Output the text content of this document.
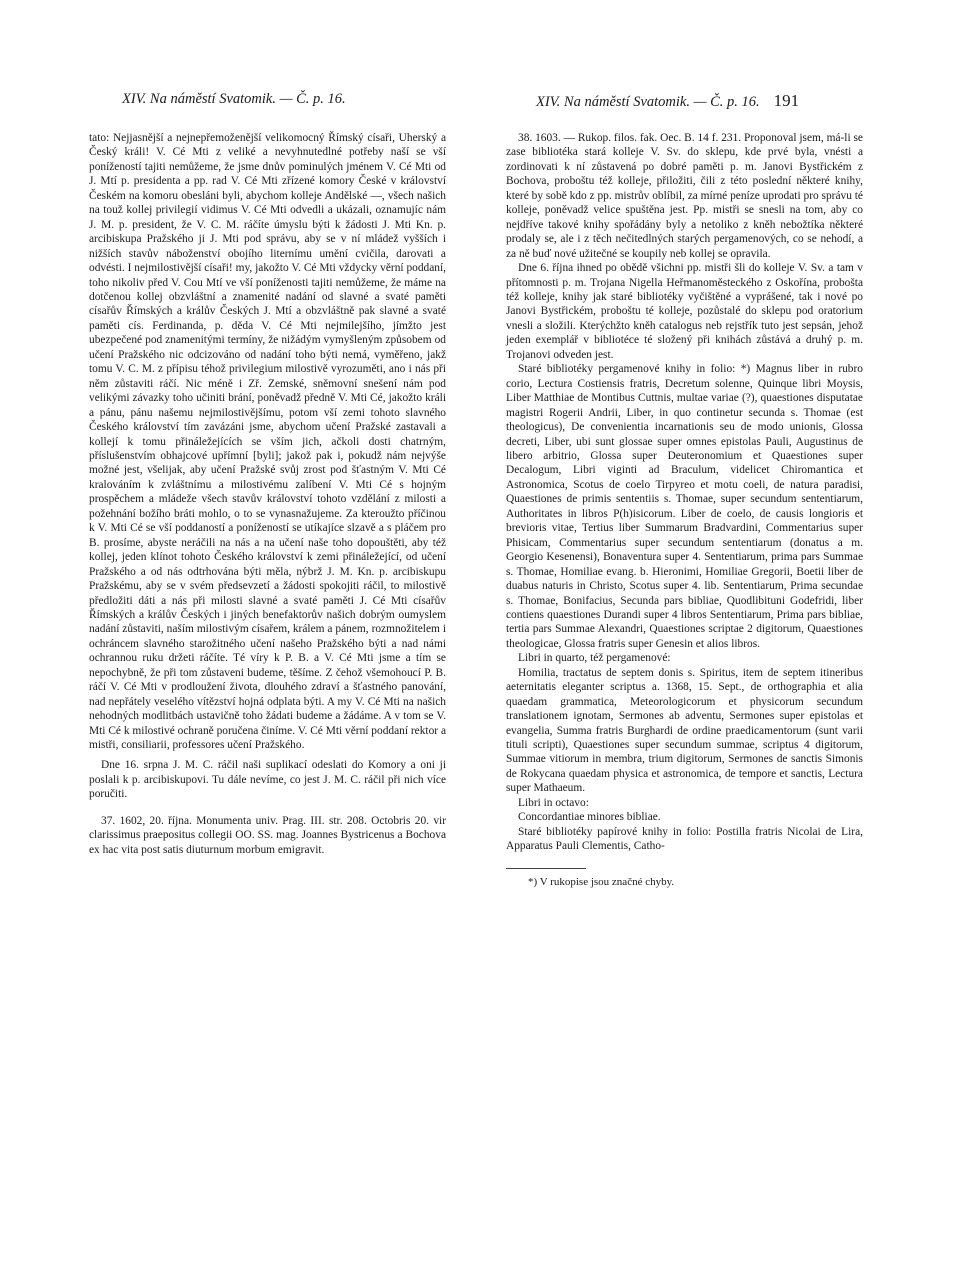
XIV. Na náměstí Svatomik. — Č. p. 16.	XIV. Na náměstí Svatomik. — Č. p. 16. 191

tato: Nejjasnější a nejnepřemoženější velikomocný Římský císaři, Uherský a Český králi! V. Cé Mti z veliké a nevyhnutedlné potřeby naší se vší ponížeností tajiti nemůžeme, že jsme dnův pominulých jménem V. Cé Mti od J. Mtí p. presidenta a pp. rad V. Cé Mti zřízené komory České v království Českém na komoru obesláni byli, abychom kolleje Andělské —, všech našich na touž kollej privilegií vidimus V. Cé Mti odvedli a ukázali, oznamujíc nám J. M. p. president, že V. C. M. ráčíte úmyslu býti k žádosti J. Mti Kn. p. arcibiskupa Pražského ji J. Mti pod správu, aby se v ní mládež vyšších i nižších stavův náboženství obojího liternímu umění cvičila, darovati a odvésti. I nejmilostivější císaři! my, jakožto V. Cé Mti vždycky věrní poddaní, toho nikoliv před V. Cou Mtí ve vší poníženosti tajiti nemůžeme, že máme na dotčenou kollej obzvláštní a znamenité nadání od slavné a svaté paměti císařův Římských a králův Českých J. Mtí a obzvláštně pak slavné a svaté paměti cís. Ferdinanda, p. děda V. Cé Mti nejmilejšího, jímžto jest ubezpečené pod znamenitými termíny, že nižádým vymyšleným způsobem od učení Pražského nic odcizováno od nadání toho býti nemá, vyměřeno, jakž tomu V. C. M. z přípisu téhož privilegium milostivě vyrozuměti, ano i nás při něm zůstaviti ráčí. Nic méně i Zř. Zemské, sněmovní snešení nám pod velikými závazky toho učiniti brání, poněvadž předně V. Mti Cé, jakožto králi a pánu, pánu našemu nejmilostivějšímu, potom vší zemi tohoto slavného Českého království tím zavázáni jsme, abychom učení Pražské zastavali a kollejí k tomu přináležejících se vším jich, ačkoli dosti chatrným, příslušenstvím obhajcové upřímní [byli]; jakož pak i, pokudž nám nejvýše možné jest, všelijak, aby učení Pražské svůj zrost pod šťastným V. Mti Cé kralováním k zvláštnímu a milostivému zalíbení V. Mti Cé s hojným prospěchem a mládeže všech stavův království tohoto vzdělání z milosti a požehnání božího bráti mohlo, o to se vynasnažujeme. Za kteroužto příčinou k V. Mti Cé se vší poddaností a ponížeností se utíkajíce slzavě a s pláčem pro B. prosíme, abyste neráčili na nás a na učení naše toho dopouštěti, aby též kollej, jeden klínot tohoto Českého království k zemi přináležející, od učení Pražského a od nás odtrhována býti měla, nýbrž J. M. Kn. p. arcibiskupu Pražskému, aby se v svém předsevzetí a žádosti spokojiti ráčil, to milostivě předložiti dáti a nás při milosti slavné a svaté paměti J. Cé Mti císařův Římských a králův Českých i jiných benefaktorův našich dobrým oumyslem nadání zůstaviti, naším milostivým císařem, králem a pánem, rozmnožitelem i ochráncem slavného starožitného učení našeho Pražského býti a nad námi ochrannou ruku držeti ráčíte. Té víry k P. B. a V. Cé Mti jsme a tím se nepochybně, že při tom zůstaveni budeme, těšíme. Z čehož všemohoucí P. B. ráčí V. Cé Mti v prodloužení života, dlouhého zdraví a šťastného panování, nad nepřátely veselého vítězství hojná odplata býti. A my V. Cé Mti na našich nehodných modlitbách ustavičně toho žádati budeme a žádáme. A v tom se V. Mti Cé k milostivé ochraně poručena činíme. V. Cé Mti věrní poddaní rektor a mistři, consiliarii, professores učení Pražského.

Dne 16. srpna J. M. C. ráčil naši suplikací odeslati do Komory a oni ji poslali k p. arcibiskupovi. Tu dále nevíme, co jest J. M. C. ráčil při nich více poručiti.

37. 1602, 20. října. Monumenta univ. Prag. III. str. 208. Octobris 20. vir clarissimus praepositus collegii OO. SS. mag. Joannes Bystricenus a Bochova ex hac vita post satis diuturnum morbum emigravit.

38. 1603. — Rukop. filos. fak. Oec. B. 14 f. 231. Proponoval jsem, má-li se zase bibliotéka stará kolleje V. Sv. do sklepu, kde prvé byla, vnésti a zordinovati k ní zůstavená po dobré paměti p. m. Janovi Bystřickém z Bochova, proboštu též kolleje, přiložiti, čili z této poslední některé knihy, které by sobě kdo z pp. mistrův oblíbil, za mírné peníze uprodati pro správu té kolleje, poněvadž velice spuštěna jest. Pp. mistři se snesli na tom, aby co nejdříve takové knihy spořádány byly a netoliko z kněh nebožtíka některé prodaly se, ale i z těch nečitedlných starých pergamenových, co se nehodí, a za ně buď nové užitečné se koupily neb kollej se opravila.

Dne 6. října ihned po obědě všichni pp. mistři šli do kolleje V. Sv. a tam v přítomnosti p. m. Trojana Nigella Heřmanoměsteckého z Oskořína, probošta též kolleje, knihy jak staré bibliotéky vyčištěné a vyprášené, tak i nové po Janovi Bystřickém, proboštu té kolleje, pozůstalé do sklepu pod oratorium vnesli a složili. Kterýchžto kněh catalogus neb rejstřík tuto jest sepsán, jehož jeden exemplář v bibliotéce té složený při knihách zůstává a druhý p. m. Trojanovi odveden jest.

Staré bibliotéky pergamenové knihy in folio: *) Magnus liber in rubro corio, Lectura Costiensis fratris, Decretum solenne, Quinque libri Moysis, Liber Matthiae de Montibus Cuttnis, multae variae (?), quaestiones disputatae magistri Rogerii Andrii, Liber, in quo continetur secunda s. Thomae (est theologicus), De convenientia incarnationis seu de modo unionis, Glossa decreti, Liber, ubi sunt glossae super omnes epistolas Pauli, Augustinus de libero arbitrio, Glossa super Deuteronomium et Quaestiones super Decalogum, Libri viginti ad Braculum, videlicet Chiromantica et Astronomica, Scotus de coelo Tirpyreo et motu coeli, de natura paradisi, Quaestiones de primis sententiis s. Thomae, super secundum sententiarum, Authoritates in libros P(h)isicorum. Liber de coelo, de causis longioris et brevioris vitae, Tertius liber Summarum Bradvardini, Commentarius super Phisicam, Commentarius super secundum sententiarum (donatus a m. Georgio Kesenensi), Bonaventura super 4. Sententiarum, prima pars Summae s. Thomae, Homiliae evang. b. Hieronimi, Homiliae Gregorii, Boetii liber de duabus naturis in Christo, Scotus super 4. lib. Sententiarum, Prima secundae s. Thomae, Bonifacius, Secunda pars bibliae, Quodlibituni Godefridi, liber contiens quaestiones Durandi super 4 libros Sententiarum, Prima pars bibliae, tertia pars Summae Alexandri, Quaestiones scriptae 2 digitorum, Quaestiones theologicae, Glossa fratris super Genesin et alios libros.

Libri in quarto, též pergamenové:

Homilia, tractatus de septem donis s. Spiritus, item de septem itineribus aeternitatis eleganter scriptus a. 1368, 15. Sept., de orthographia et alia quaedam grammatica, Meteorologicorum et physicorum secundum translationem ignotam, Sermones ab adventu, Sermones super epistolas et evangelia, Summa fratris Burghardi de ordine praedicamentorum (sunt varii tituli scripti), Quaestiones super secundum summae, scriptus 4 digitorum, Summae vitiorum in membra, trium digitorum, Sermones de sanctis Simonis de Rokycana quaedam physica et astronomica, de tempore et sanctis, Lectura super Mathaeum.

Libri in octavo:

Concordantiae minores bibliae.

Staré bibliotéky papírové knihy in folio: Postilla fratris Nicolai de Lira, Apparatus Pauli Clementis, Catho-

*) V rukopise jsou značné chyby.
